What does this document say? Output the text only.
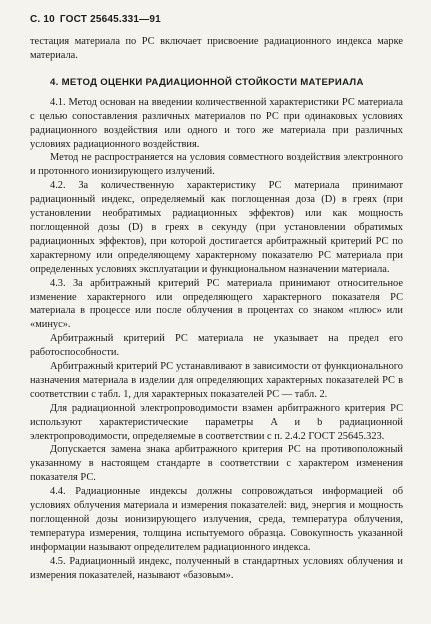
С. 10 ГОСТ 25645.331—91

тестация материала по РС включает присвоение радиационного индекса марке материала.

4. МЕТОД ОЦЕНКИ РАДИАЦИОННОЙ СТОЙКОСТИ МАТЕРИАЛА

4.1. Метод основан на введении количественной характеристики РС материала с целью сопоставления различных материалов по РС при одинаковых условиях радиационного воздействия или одного и того же материала при различных условиях радиационного воздействия.

Метод не распространяется на условия совместного воздействия электронного и протонного ионизирующего излучений.

4.2. За количественную характеристику РС материала принимают радиационный индекс, определяемый как поглощенная доза (D) в греях (при установлении необратимых радиационных эффектов) или как мощность поглощенной дозы (D) в греях в секунду (при установлении обратимых радиационных эффектов), при которой достигается арбитражный критерий РС по характерному или определяющему характерному показателю РС материала при определенных условиях эксплуатации и функциональном назначении материала.

4.3. За арбитражный критерий РС материала принимают относительное изменение характерного или определяющего характерного показателя РС материала в процессе или после облучения в процентах со знаком «плюс» или «минус».

Арбитражный критерий РС материала не указывает на предел его работоспособности.

Арбитражный критерий РС устанавливают в зависимости от функционального назначения материала в изделии для определяющих характерных показателей РС в соответствии с табл. 1, для характерных показателей РС — табл. 2.

Для радиационной электропроводимости взамен арбитражного критерия РС используют характеристические параметры A и b радиационной электропроводимости, определяемые в соответствии с п. 2.4.2 ГОСТ 25645.323.

Допускается замена знака арбитражного критерия РС на противоположный указанному в настоящем стандарте в соответствии с характером изменения показателя РС.

4.4. Радиационные индексы должны сопровождаться информацией об условиях облучения материала и измерения показателей: вид, энергия и мощность поглощенной дозы ионизирующего излучения, среда, температура облучения, температура измерения, толщина испытуемого образца. Совокупность указанной информации называют определителем радиационного индекса.

4.5. Радиационный индекс, полученный в стандартных условиях облучения и измерения показателей, называют «базовым».
